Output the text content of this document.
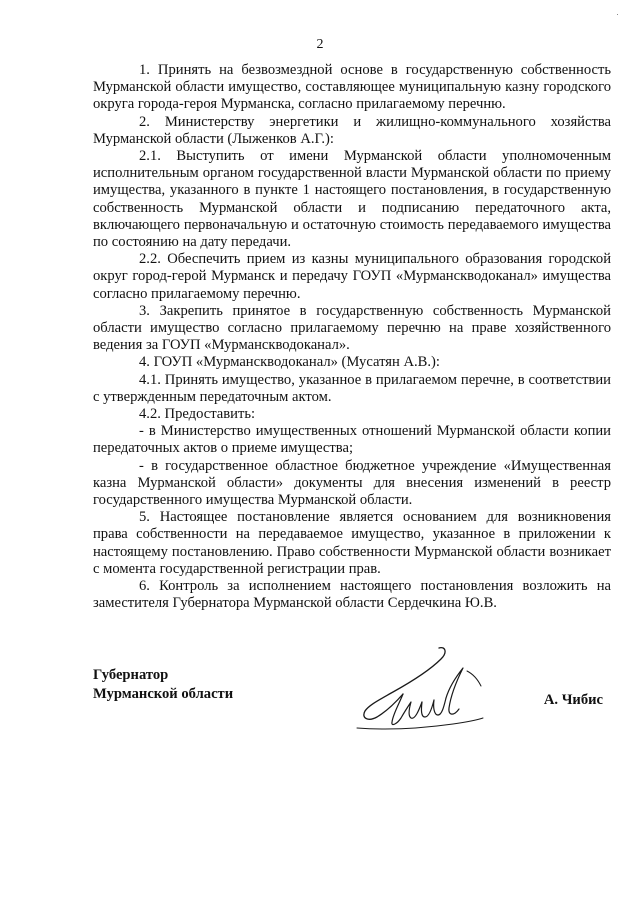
2

1. Принять на безвозмездной основе в государственную собственность Мурманской области имущество, составляющее муниципальную казну городского округа города-героя Мурманска, согласно прилагаемому перечню.

2. Министерству энергетики и жилищно-коммунального хозяйства Мурманской области (Лыженков А.Г.):

2.1. Выступить от имени Мурманской области уполномоченным исполнительным органом государственной власти Мурманской области по приему имущества, указанного в пункте 1 настоящего постановления, в государственную собственность Мурманской области и подписанию передаточного акта, включающего первоначальную и остаточную стоимость передаваемого имущества по состоянию на дату передачи.

2.2. Обеспечить прием из казны муниципального образования городской округ город-герой Мурманск и передачу ГОУП «Мурманскводоканал» имущества согласно прилагаемому перечню.

3. Закрепить принятое в государственную собственность Мурманской области имущество согласно прилагаемому перечню на праве хозяйственного ведения за ГОУП «Мурманскводоканал».

4. ГОУП «Мурманскводоканал» (Мусатян А.В.):

4.1. Принять имущество, указанное в прилагаемом перечне, в соответствии с утвержденным передаточным актом.

4.2. Предоставить:

- в Министерство имущественных отношений Мурманской области копии передаточных актов о приеме имущества;

- в государственное областное бюджетное учреждение «Имущественная казна Мурманской области» документы для внесения изменений в реестр государственного имущества Мурманской области.

5. Настоящее постановление является основанием для возникновения права собственности на передаваемое имущество, указанное в приложении к настоящему постановлению. Право собственности Мурманской области возникает с момента государственной регистрации прав.

6. Контроль за исполнением настоящего постановления возложить на заместителя Губернатора Мурманской области Сердечкина Ю.В.

Губернатор
Мурманской области	А. Чибис
